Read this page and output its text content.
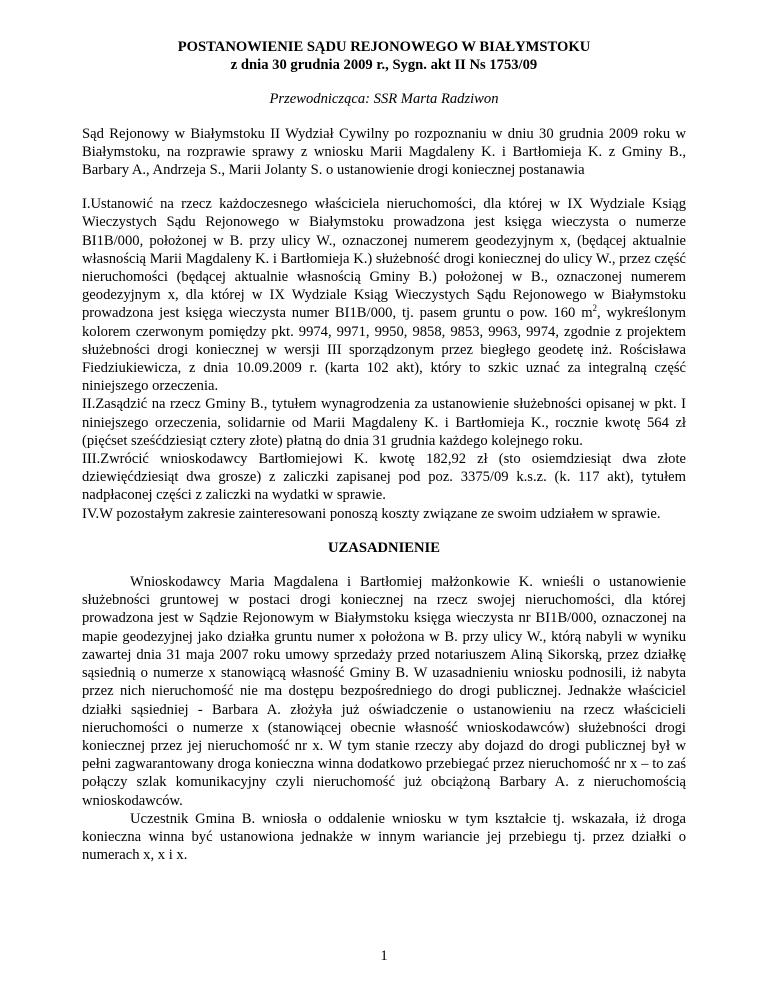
POSTANOWIENIE SĄDU REJONOWEGO W BIAŁYMSTOKU
z dnia 30 grudnia 2009 r., Sygn. akt II Ns 1753/09
Przewodnicząca: SSR Marta Radziwon

Sąd Rejonowy w Białymstoku II Wydział Cywilny po rozpoznaniu w dniu 30 grudnia 2009 roku w Białymstoku, na rozprawie sprawy z wniosku Marii Magdaleny K. i Bartłomieja K. z Gminy B., Barbary A., Andrzeja S., Marii Jolanty S. o ustanowienie drogi koniecznej postanawia

I.Ustanowić na rzecz każdoczesnego właściciela nieruchomości, dla której w IX Wydziale Ksiąg Wieczystych Sądu Rejonowego w Białymstoku prowadzona jest księga wieczysta o numerze BI1B/000, położonej w B. przy ulicy W., oznaczonej numerem geodezyjnym x, (będącej aktualnie własnością Marii Magdaleny K. i Bartłomieja K.) służebność drogi koniecznej do ulicy W., przez część nieruchomości (będącej aktualnie własnością Gminy B.) położonej w B., oznaczonej numerem geodezyjnym x, dla której w IX Wydziale Ksiąg Wieczystych Sądu Rejonowego w Białymstoku prowadzona jest księga wieczysta numer BI1B/000, tj. pasem gruntu o pow. 160 $m^2$, wykreślonym kolorem czerwonym pomiędzy pkt. 9974, 9971, 9950, 9858, 9853, 9963, 9974, zgodnie z projektem służebności drogi koniecznej w wersji III sporządzonym przez biegłego geodetę inż. Rościsława Fiedziukiewicza, z dnia 10.09.2009 r. (karta 102 akt), który to szkic uznać za integralną część niniejszego orzeczenia.

II.Zasądzić na rzecz Gminy B., tytułem wynagrodzenia za ustanowienie służebności opisanej w pkt. I niniejszego orzeczenia, solidarnie od Marii Magdaleny K. i Bartłomieja K., rocznie kwotę 564 zł (pięćset sześćdziesiąt cztery złote) płatną do dnia 31 grudnia każdego kolejnego roku.

III.Zwrócić wnioskodawcy Bartłomiejowi K. kwotę 182,92 zł (sto osiemdziesiąt dwa złote dziewięćdziesiąt dwa grosze) z zaliczki zapisanej pod poz. 3375/09 k.s.z. (k. 117 akt), tytułem nadpłaconej części z zaliczki na wydatki w sprawie.

IV.W pozostałym zakresie zainteresowani ponoszą koszty związane ze swoim udziałem w sprawie.

UZASADNIENIE

Wnioskodawcy Maria Magdalena i Bartłomiej małżonkowie K. wnieśli o ustanowienie służebności gruntowej w postaci drogi koniecznej na rzecz swojej nieruchomości, dla której prowadzona jest w Sądzie Rejonowym w Białymstoku księga wieczysta nr BI1B/000, oznaczonej na mapie geodezyjnej jako działka gruntu numer x położona w B. przy ulicy W., którą nabyli w wyniku zawartej dnia 31 maja 2007 roku umowy sprzedaży przed notariuszem Aliną Sikorską, przez działkę sąsiednią o numerze x stanowiącą własność Gminy B. W uzasadnieniu wniosku podnosili, iż nabyta przez nich nieruchomość nie ma dostępu bezpośredniego do drogi publicznej. Jednakże właściciel działki sąsiedniej - Barbara A. złożyła już oświadczenie o ustanowieniu na rzecz właścicieli nieruchomości o numerze x (stanowiącej obecnie własność wnioskodawców) służebności drogi koniecznej przez jej nieruchomość nr x. W tym stanie rzeczy aby dojazd do drogi publicznej był w pełni zagwarantowany droga konieczna winna dodatkowo przebiegać przez nieruchomość nr x – to zaś połączy szlak komunikacyjny czyli nieruchomość już obciążoną Barbary A. z nieruchomością wnioskodawców.

Uczestnik Gmina B. wniosła o oddalenie wniosku w tym kształcie tj. wskazała, iż droga konieczna winna być ustanowiona jednakże w innym wariancie jej przebiegu tj. przez działki o numerach x, x i x.

1
